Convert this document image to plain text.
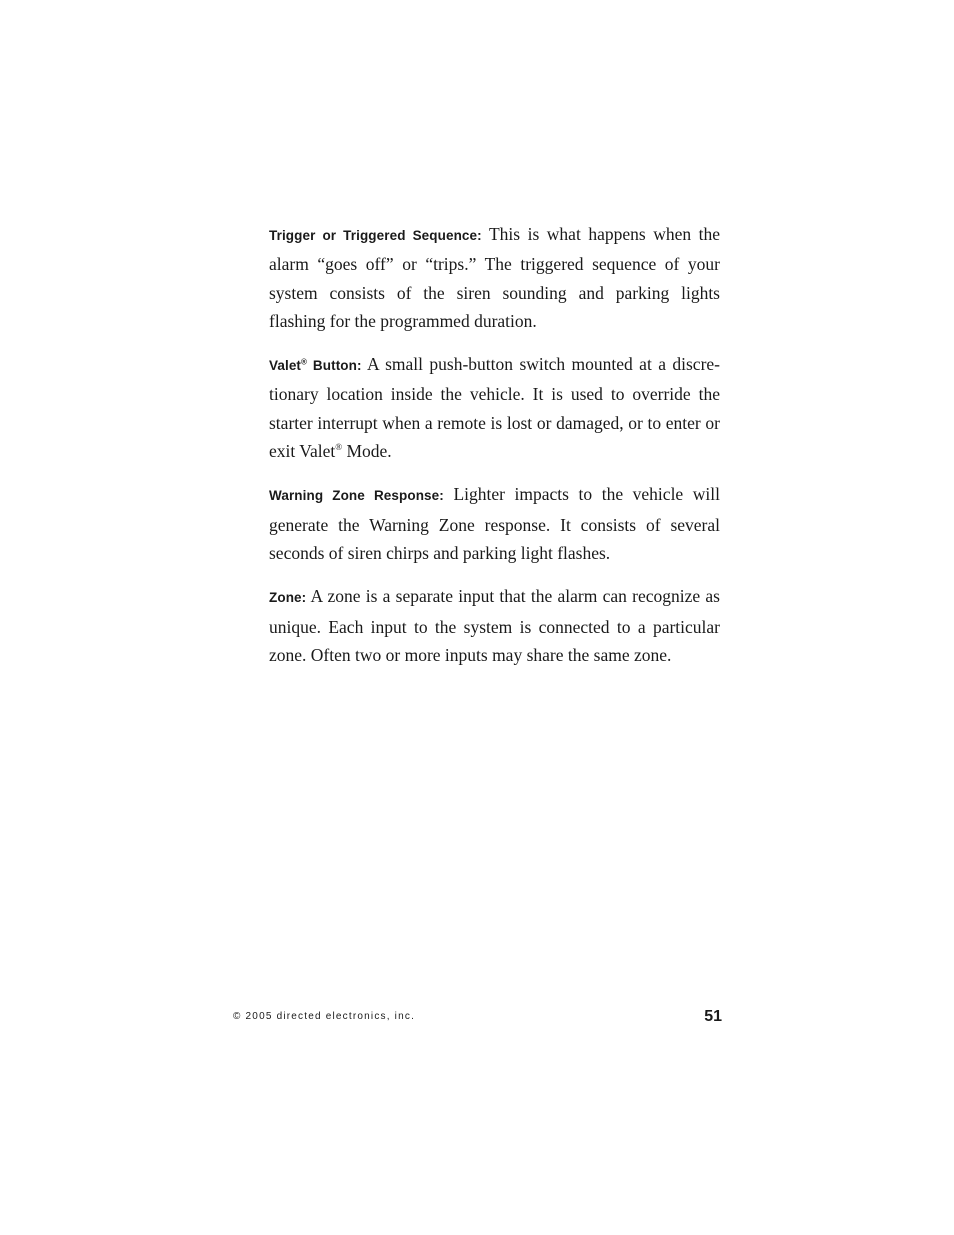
Trigger or Triggered Sequence: This is what happens when the alarm “goes off” or “trips.” The triggered sequence of your system consists of the siren sounding and parking lights flashing for the programmed duration.

Valet® Button: A small push-button switch mounted at a discretionary location inside the vehicle. It is used to override the starter interrupt when a remote is lost or damaged, or to enter or exit Valet® Mode.

Warning Zone Response: Lighter impacts to the vehicle will generate the Warning Zone response. It consists of several seconds of siren chirps and parking light flashes.

Zone: A zone is a separate input that the alarm can recognize as unique. Each input to the system is connected to a particular zone. Often two or more inputs may share the same zone.

© 2005 directed electronics, inc.	51
